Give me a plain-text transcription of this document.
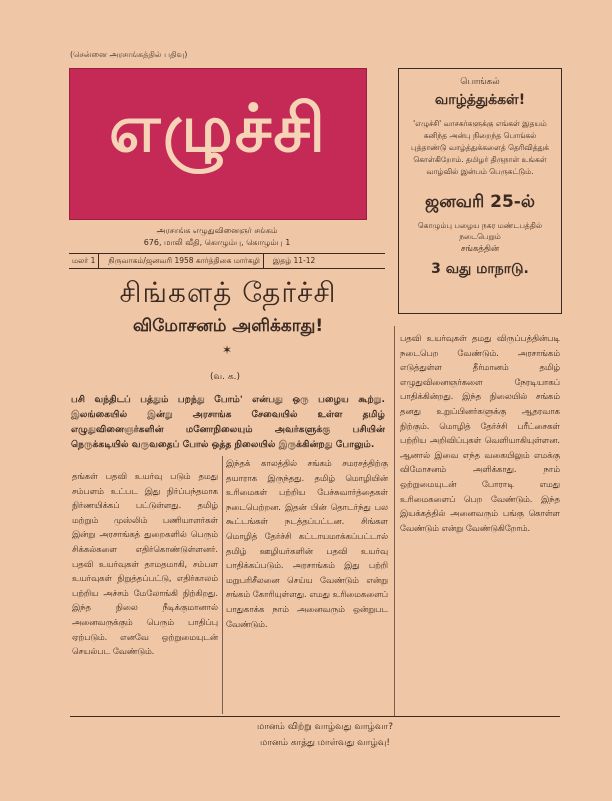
(சென்னை அரசாங்கத்தில் பதிவு)
எழுச்சி
அரசாங்க எழுதுவினைஞர் சங்கம்
676, மாலி வீதி, கொழும்பு, கொழும்பு 1
மலர் 1 நிருவாகம்/ஜனவரி 1958 கார்த்திகை மார்கழி இதழ் 11-12
சிங்களத் தேர்ச்சி
விமோசனம் அளிக்காது!
✶
(வ. க.)
பசி வந்திடப் பத்தும் பறந்து போம்' என்பது ஒரு பழைய கூற்று. இலங்கையில் இன்று அரசாங்க சேவையில் உள்ள தமிழ் எழுதுவினைஞர்களின் மனோநிலையும் அவர்களுக்கு பசியின் நெருக்கடியில் வருவதைப் போல் ஒத்த நிலையில் இருக்கின்றது போலும்.
தங்கள் பதவி உயர்வு படும் தமது சம்பளம் உட்பட இது நிர்ப்பந்தமாக நிர்ணயிக்கப் பட்டுள்ளது. தமிழ் மற்றும் முஸ்லிம் பணியாளர்கள் இன்று அரசாங்கத் துறைகளில் பெரும் சிக்கல்களை எதிர்கொண்டுள்ளனர். பதவி உயர்வுகள் தாமதமாகி, சம்பள உயர்வுகள் நிறுத்தப்பட்டு, எதிர்காலம் பற்றிய அச்சம் மேலோங்கி நிற்கிறது. இந்த நிலை நீடிக்குமானால் அனைவருக்கும் பெரும் பாதிப்பு ஏற்படும். எனவே ஒற்றுமையுடன் செயல்பட வேண்டும்.
இந்தக் காலத்தில் சங்கம் சமரசத்திற்கு தயாராக இருந்தது. தமிழ் மொழியின் உரிமைகள் பற்றிய பேச்சுவார்த்தைகள் நடைபெற்றன. இதன் பின் தொடர்ந்து பல கூட்டங்கள் நடத்தப்பட்டன. சிங்கள மொழித் தேர்ச்சி கட்டாயமாக்கப்பட்டால் தமிழ் ஊழியர்களின் பதவி உயர்வு பாதிக்கப்படும். அரசாங்கம் இது பற்றி மறுபரிசீலனை செய்ய வேண்டும் என்று சங்கம் கோரியுள்ளது. எமது உரிமைகளைப் பாதுகாக்க நாம் அனைவரும் ஒன்றுபட வேண்டும்.
பதவி உயர்வுகள் தமது விருப்பத்தின்படி நடைபெற வேண்டும். அரசாங்கம் எடுத்துள்ள தீர்மானம் தமிழ் எழுதுவினைஞர்களை நேரடியாகப் பாதிக்கின்றது. இந்த நிலையில் சங்கம் தனது உறுப்பினர்களுக்கு ஆதரவாக நிற்கும். மொழித் தேர்ச்சி பரீட்சைகள் பற்றிய அறிவிப்புகள் வெளியாகியுள்ளன. ஆனால் இவை எந்த வகையிலும் எமக்கு விமோசனம் அளிக்காது. நாம் ஒற்றுமையுடன் போராடி எமது உரிமைகளைப் பெற வேண்டும். இந்த இயக்கத்தில் அனைவரும் பங்கு கொள்ள வேண்டும் என்று வேண்டுகிறோம்.
மானம் விற்று வாழ்வது வாழ்வா?
மானம் காத்து மாள்வது வாழ்வு!
பொங்கல்
வாழ்த்துக்கள்!
'எழுச்சி' வாசகர்களுக்கு எங்கள் இதயம் கனிந்த அன்பு நிறைந்த பொங்கல் புத்தாண்டு வாழ்த்துக்களைத் தெரிவித்துக் கொள்கிறோம். தமிழர் திருநாள் உங்கள் வாழ்வில் இன்பம் பெருகட்டும்.
ஜனவரி 25-ல்
கொழும்பு பழைய நகர மண்டபத்தில் நடைபெறும்
சங்கத்தின்
3 வது மாநாடு.
